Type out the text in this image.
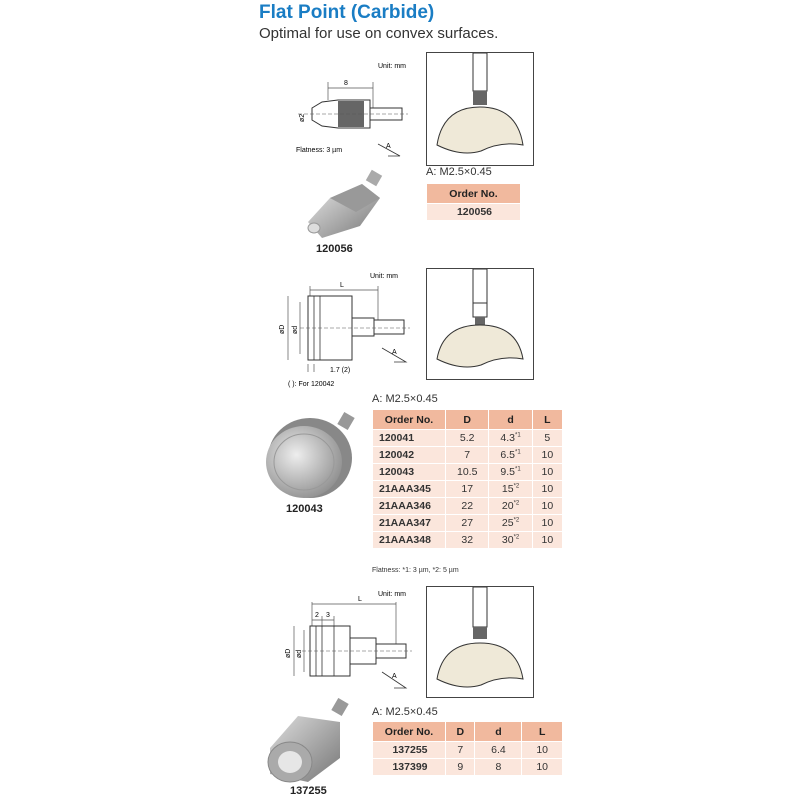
Flat Point (Carbide)
Optimal for use on convex surfaces.
Unit: mm
8
ø2
Flatness: 3 µm
A
A: M2.5×0.45
Order No.
120056
120056
Unit: mm
L
øD ød
1.7 (2)
( ): For 120042
A
A: M2.5×0.45
Order No.	D	d	L
120041	5.2	4.3$^{*1}$	5
120042	7	6.5$^{*1}$	10
120043	10.5	9.5$^{*1}$	10
21AAA345	17	15$^{*2}$	10
21AAA346	22	20$^{*2}$	10
21AAA347	27	25$^{*2}$	10
21AAA348	32	30$^{*2}$	10
Flatness: *1: 3 µm, *2: 5 µm
120043
Unit: mm
L
2 3
øD ød
A
A: M2.5×0.45
Order No.	D	d	L
137255	7	6.4	10
137399	9	8	10
137255
